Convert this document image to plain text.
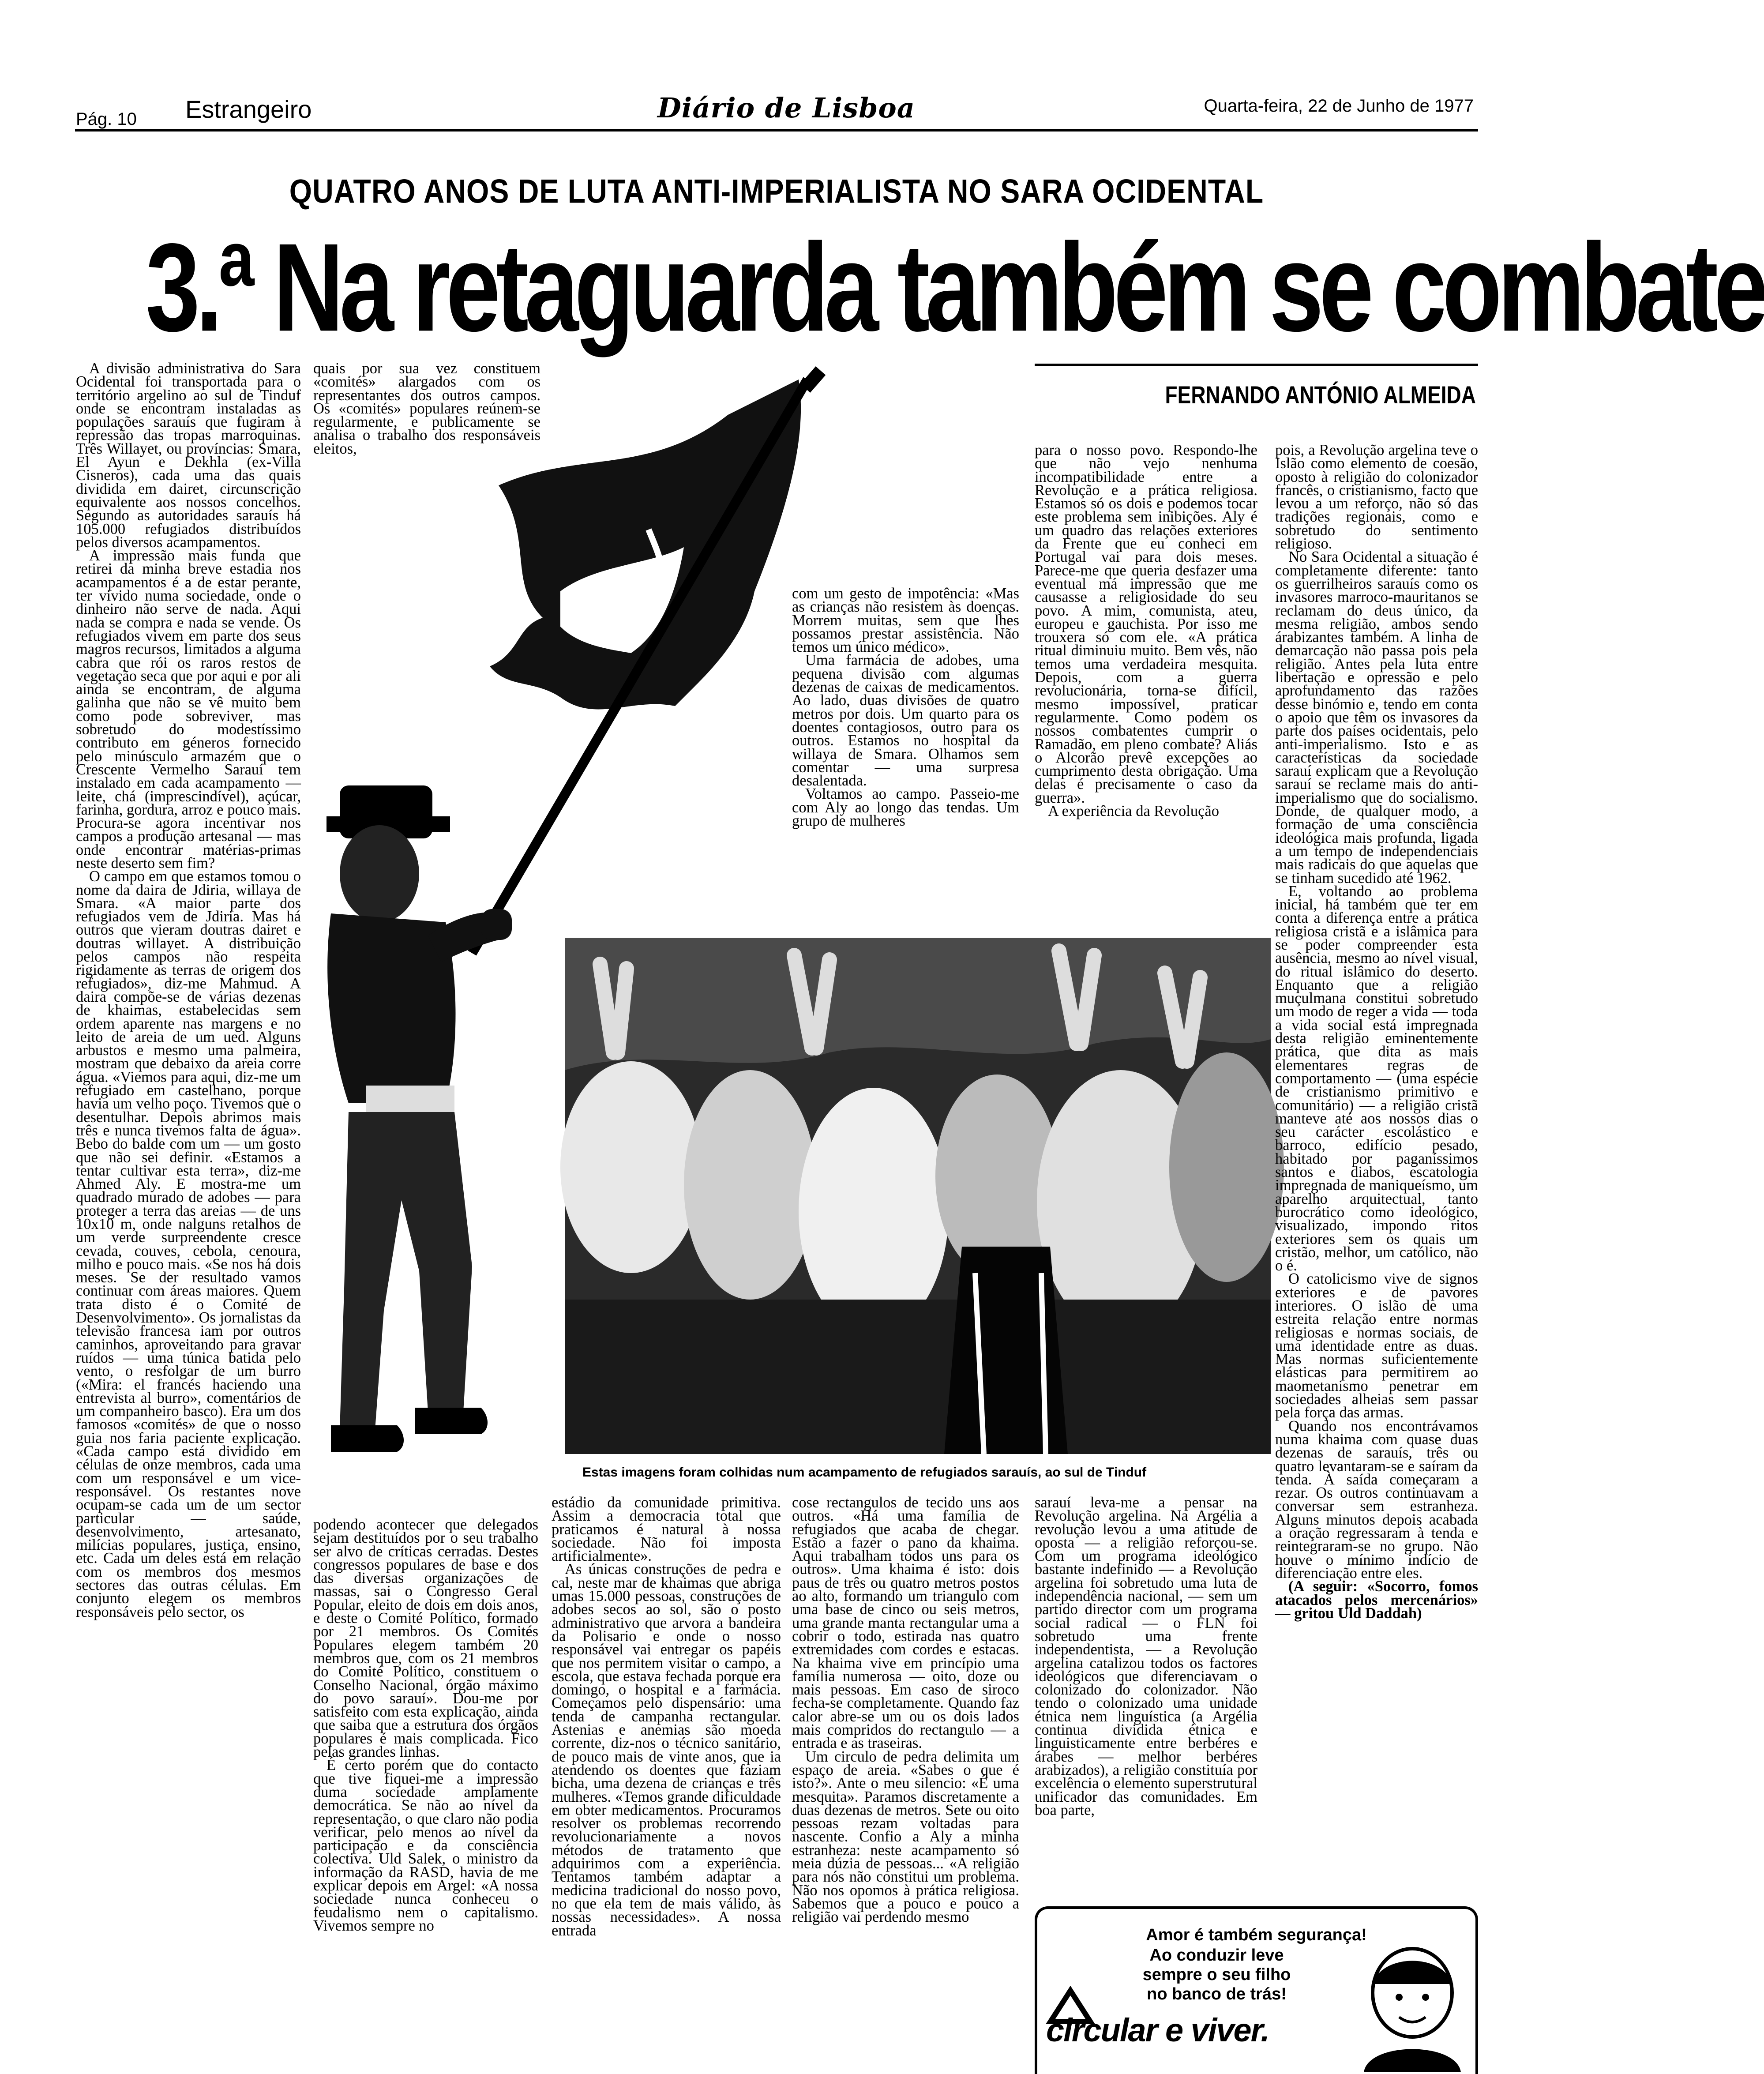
Pág. 10 Estrangeiro	Diário de Lisboa	Quarta-feira, 22 de Junho de 1977
QUATRO ANOS DE LUTA ANTI-IMPERIALISTA NO SARA OCIDENTAL
3.ª Na retaguarda também se combate
FERNANDO ANTÓNIO ALMEIDA
Estas imagens foram colhidas num acampamento de refugiados sarauís, ao sul de Tinduf

A divisão administrativa do Sara Ocidental foi transportada para o território argelino ao sul de Tinduf onde se encontram instaladas as populações sarauís que fugiram à repressão das tropas marroquinas. Três Willayet, ou províncias: Smara, El Ayun e Dekhla (ex-Villa Cisneros), cada uma das quais dividida em dairet, circunscrição equivalente aos nossos concelhos. Segundo as autoridades sarauís há 105.000 refugiados distribuídos pelos diversos acampamentos.

A impressão mais funda que retirei da minha breve estadia nos acampamentos é a de estar perante, ter vivido numa sociedade, onde o dinheiro não serve de nada. Aqui nada se compra e nada se vende. Os refugiados vivem em parte dos seus magros recursos, limitados a alguma cabra que rói os raros restos de vegetação seca que por aqui e por ali ainda se encontram, de alguma galinha que não se vê muito bem como pode sobreviver, mas sobretudo do modestíssimo contributo em géneros fornecido pelo minúsculo armazém que o Crescente Vermelho Sarauí tem instalado em cada acampamento — leite, chá (imprescindível), açúcar, farinha, gordura, arroz e pouco mais. Procura-se agora incentivar nos campos a produção artesanal — mas onde encontrar matérias-primas neste deserto sem fim?

O campo em que estamos tomou o nome da daira de Jdiria, willaya de Smara. «A maior parte dos refugiados vem de Jdiria. Mas há outros que vieram doutras dairet e doutras willayet. A distribuição pelos campos não respeita rigidamente as terras de origem dos refugiados», diz-me Mahmud. A daira compõe-se de várias dezenas de khaimas, estabelecidas sem ordem aparente nas margens e no leito de areia de um ued. Alguns arbustos e mesmo uma palmeira, mostram que debaixo da areia corre água. «Viemos para aqui, diz-me um refugiado em castelhano, porque havia um velho poço. Tivemos que o desentulhar. Depois abrimos mais três e nunca tivemos falta de água». Bebo do balde com um — um gosto que não sei definir. «Estamos a tentar cultivar esta terra», diz-me Ahmed Aly. E mostra-me um quadrado murado de adobes — para proteger a terra das areias — de uns 10x10 m, onde nalguns retalhos de um verde surpreendente cresce cevada, couves, cebola, cenoura, milho e pouco mais. «Se nos há dois meses. Se der resultado vamos continuar com áreas maiores. Quem trata disto é o Comité de Desenvolvimento». Os jornalistas da televisão francesa iam por outros caminhos, aproveitando para gravar ruídos — uma túnica batida pelo vento, o resfolgar de um burro («Mira: el francés haciendo una entrevista al burro», comentários de um companheiro basco). Era um dos famosos «comités» de que o nosso guia nos faria paciente explicação. «Cada campo está dividido em células de onze membros, cada uma com um responsável e um vice-responsável. Os restantes nove ocupam-se cada um de um sector particular — saúde, desenvolvimento, artesanato, milícias populares, justiça, ensino, etc. Cada um deles está em relação com os membros dos mesmos sectores das outras células. Em conjunto elegem os membros responsáveis pelo sector, os

quais por sua vez constituem «comités» alargados com os representantes dos outros campos. Os «comités» populares reúnem-se regularmente, e publicamente se analisa o trabalho dos responsáveis eleitos,

podendo acontecer que delegados sejam destituídos por o seu trabalho ser alvo de críticas cerradas. Destes congressos populares de base e dos das diversas organizações de massas, sai o Congresso Geral Popular, eleito de dois em dois anos, e deste o Comité Político, formado por 21 membros. Os Comités Populares elegem também 20 membros que, com os 21 membros do Comité Político, constituem o Conselho Nacional, órgão máximo do povo sarauí». Dou-me por satisfeito com esta explicação, ainda que saiba que a estrutura dos órgãos populares é mais complicada. Fico pelas grandes linhas.

É certo porém que do contacto que tive fiquei-me a impressão duma sociedade amplamente democrática. Se não ao nível da representação, o que claro não podia verificar, pelo menos ao nível da participação e da consciência colectiva. Uld Salek, o ministro da informação da RASD, havia de me explicar depois em Argel: «A nossa sociedade nunca conheceu o feudalismo nem o capitalismo. Vivemos sempre no

estádio da comunidade primitiva. Assim a democracia total que praticamos é natural à nossa sociedade. Não foi imposta artificialmente».

As únicas construções de pedra e cal, neste mar de khaimas que abriga umas 15.000 pessoas, construções de adobes secos ao sol, são o posto administrativo que arvora a bandeira da Polisario e onde o nosso responsável vai entregar os papéis que nos permitem visitar o campo, a escola, que estava fechada porque era domingo, o hospital e a farmácia. Começamos pelo dispensário: uma tenda de campanha rectangular. Astenias e anemias são moeda corrente, diz-nos o técnico sanitário, de pouco mais de vinte anos, que ia atendendo os doentes que faziam bicha, uma dezena de crianças e três mulheres. «Temos grande dificuldade em obter medicamentos. Procuramos resolver os problemas recorrendo revolucionariamente a novos métodos de tratamento que adquirimos com a experiência. Tentamos também adaptar a medicina tradicional do nosso povo, no que ela tem de mais válido, às nossas necessidades». A nossa entrada

com um gesto de impotência: «Mas as crianças não resistem às doenças. Morrem muitas, sem que lhes possamos prestar assistência. Não temos um único médico».

Uma farmácia de adobes, uma pequena divisão com algumas dezenas de caixas de medicamentos. Ao lado, duas divisões de quatro metros por dois. Um quarto para os doentes contagiosos, outro para os outros. Estamos no hospital da willaya de Smara. Olhamos sem comentar — uma surpresa desalentada.

Voltamos ao campo. Passeio-me com Aly ao longo das tendas. Um grupo de mulheres

cose rectangulos de tecido uns aos outros. «Há uma família de refugiados que acaba de chegar. Estão a fazer o pano da khaima. Aqui trabalham todos uns para os outros». Uma khaima é isto: dois paus de três ou quatro metros postos ao alto, formando um triangulo com uma base de cinco ou seis metros, uma grande manta rectangular uma a cobrir o todo, estirada nas quatro extremidades com cordes e estacas. Na khaima vive em princípio uma família numerosa — oito, doze ou mais pessoas. Em caso de siroco fecha-se completamente. Quando faz calor abre-se um ou os dois lados mais compridos do rectangulo — a entrada e as traseiras.

Um circulo de pedra delimita um espaço de areia. «Sabes o que é isto?». Ante o meu silencio: «É uma mesquita». Paramos discretamente a duas dezenas de metros. Sete ou oito pessoas rezam voltadas para nascente. Confio a Aly a minha estranheza: neste acampamento só meia dúzia de pessoas... «A religião para nós não constitui um problema. Não nos opomos à prática religiosa. Sabemos que a pouco e pouco a religião vai perdendo mesmo

para o nosso povo. Respondo-lhe que não vejo nenhuma incompatibilidade entre a Revolução e a prática religiosa. Estamos só os dois e podemos tocar este problema sem inibições. Aly é um quadro das relações exteriores da Frente que eu conheci em Portugal vai para dois meses. Parece-me que queria desfazer uma eventual má impressão que me causasse a religiosidade do seu povo. A mim, comunista, ateu, europeu e gauchista. Por isso me trouxera só com ele. «A prática ritual diminuiu muito. Bem vês, não temos uma verdadeira mesquita. Depois, com a guerra revolucionária, torna-se difícil, mesmo impossível, praticar regularmente. Como podem os nossos combatentes cumprir o Ramadão, em pleno combate? Aliás o Alcorão prevê excepções ao cumprimento desta obrigação. Uma delas é precisamente o caso da guerra».

A experiência da Revolução

sarauí leva-me a pensar na Revolução argelina. Na Argélia a revolução levou a uma atitude de oposta — a religião reforçou-se. Com um programa ideológico bastante indefinido — a Revolução argelina foi sobretudo uma luta de independência nacional, — sem um partido director com um programa social radical — o FLN foi sobretudo uma frente independentista, — a Revolução argelina catalizou todos os factores ideológicos que diferenciavam o colonizado do colonizador. Não tendo o colonizado uma unidade étnica nem linguística (a Argélia continua dividida étnica e linguisticamente entre berbéres e árabes — melhor berbéres arabizados), a religião constituía por excelência o elemento superstrutural unificador das comunidades. Em boa parte,

pois, a Revolução argelina teve o Islão como elemento de coesão, oposto à religião do colonizador francês, o cristianismo, facto que levou a um reforço, não só das tradições regionais, como e sobretudo do sentimento religioso.

No Sara Ocidental a situação é completamente diferente: tanto os guerrilheiros sarauís como os invasores marroco-mauritanos se reclamam do deus único, da mesma religião, ambos sendo árabizantes também. A linha de demarcação não passa pois pela religião. Antes pela luta entre libertação e opressão e pelo aprofundamento das razões desse binómio e, tendo em conta o apoio que têm os invasores da parte dos países ocidentais, pelo anti-imperialismo. Isto e as características da sociedade sarauí explicam que a Revolução sarauí se reclame mais do anti-imperialismo que do socialismo. Donde, de qualquer modo, a formação de uma consciência ideológica mais profunda, ligada a um tempo de independenciais mais radicais do que aquelas que se tinham sucedido até 1962.

E, voltando ao problema inicial, há também que ter em conta a diferença entre a prática religiosa cristã e a islâmica para se poder compreender esta ausência, mesmo ao nível visual, do ritual islâmico do deserto. Enquanto que a religião muçulmana constitui sobretudo um modo de reger a vida — toda a vida social está impregnada desta religião eminentemente prática, que dita as mais elementares regras de comportamento — (uma espécie de cristianismo primitivo e comunitário) — a religião cristã manteve até aos nossos dias o seu carácter escolástico e barroco, edifício pesado, habitado por paganíssimos santos e diabos, escatologia impregnada de maniqueísmo, um aparelho arquitectual, tanto burocrático como ideológico, visualizado, impondo ritos exteriores sem os quais um cristão, melhor, um católico, não o é.

O catolicismo vive de signos exteriores e de pavores interiores. O islão de uma estreita relação entre normas religiosas e normas sociais, de uma identidade entre as duas. Mas normas suficientemente elásticas para permitirem ao maometanismo penetrar em sociedades alheias sem passar pela força das armas.

Quando nos encontrávamos numa khaima com quase duas dezenas de sarauís, três ou quatro levantaram-se e saíram da tenda. À saída começaram a rezar. Os outros continuavam a conversar sem estranheza. Alguns minutos depois acabada a oração regressaram à tenda e reintegraram-se no grupo. Não houve o mínimo indício de diferenciação entre eles.

(A seguir: «Socorro, fomos atacados pelos mercenários» — gritou Uld Daddah)

Amor é também segurança!
Ao conduzir leve
sempre o seu filho
no banco de trás!
circular e viver.
